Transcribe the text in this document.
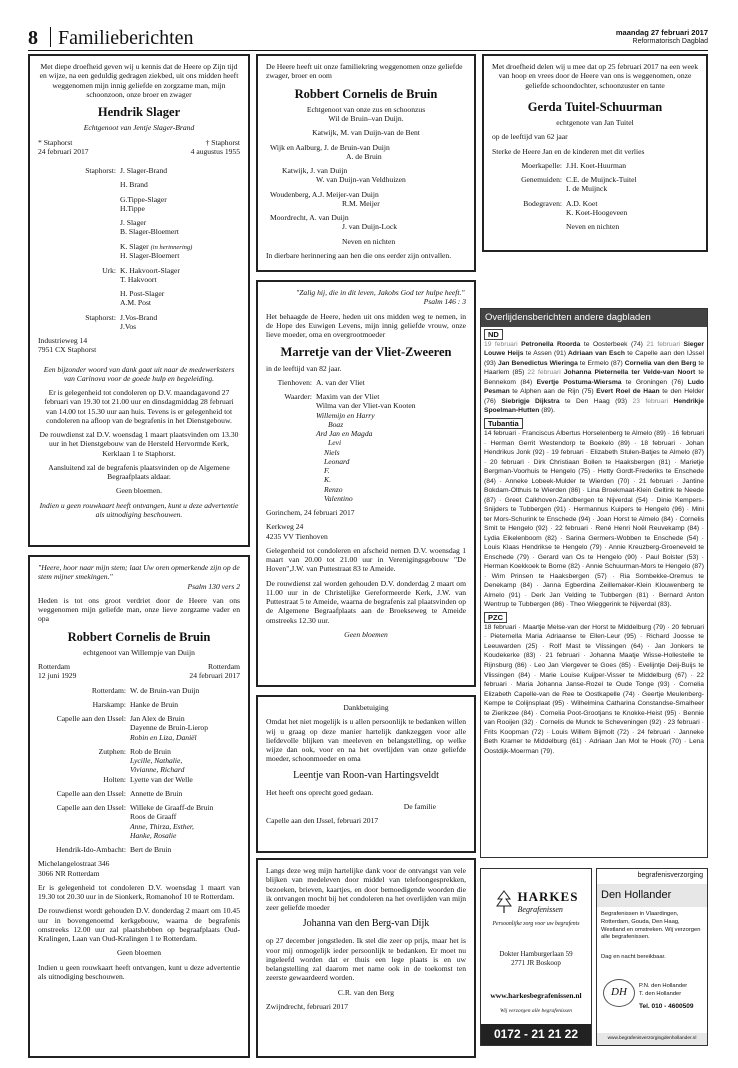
8 Familieberichten	maandag 27 februari 2017
Reformatorisch Dagblad
Met diepe droefheid geven wij u kennis dat de Heere op Zijn tijd en wijze, na een geduldig gedragen ziekbed, uit ons midden heeft weggenomen mijn innig geliefde en zorgzame man, mijn schoonzoon, onze broer en zwager
Hendrik Slager
Echtgenoot van Jentje Slager-Brand
* Staphorst
24 februari 2017
† Staphorst
4 augustus 1955
Staphorst: J. Slager-Brand
H. Brand
G.Tippe-Slager
H.Tippe
J. Slager
B. Slager-Bloemert
K. Slager (in herinnering)
H. Slager-Bloemert
Urk: K. Hakvoort-Slager
T. Hakvoort
H. Post-Slager
A.M. Post
Staphorst: J.Vos-Brand
J.Vos
Industrieweg 14
7951 CX Staphorst
Een bijzonder woord van dank gaat uit naar de medewerksters van Carinova voor de goede hulp en begeleiding.
Er is gelegenheid tot condoleren op D.V. maandagavond 27 februari van 19.30 tot 21.00 uur en dinsdagmiddag 28 februari van 14.00 tot 15.30 uur aan huis. Tevens is er gelegenheid tot condoleren na afloop van de begrafenis in het Dienstgebouw.
De rouwdienst zal D.V. woensdag 1 maart plaatsvinden om 13.30 uur in het Dienstgebouw van de Hersteld Hervormde Kerk, Kerklaan 1 te Staphorst.
Aansluitend zal de begrafenis plaatsvinden op de Algemene Begraafplaats aldaar.
Geen bloemen.
Indien u geen rouwkaart heeft ontvangen, kunt u deze advertentie als uitnodiging beschouwen.
De Heere heeft uit onze familiekring weggenomen onze geliefde zwager, broer en oom
Robbert Cornelis de Bruin
Echtgenoot van onze zus en schoonzus
Wil de Bruin–van Duijn.
Katwijk, M. van Duijn-van de Bent
Wijk en Aalburg, J. de Bruin-van Duijn
A. de Bruin
Katwijk, J. van Duijn
W. van Duijn-van Veldhuizen
Woudenberg, A.J. Meijer-van Duijn
R.M. Meijer
Moordrecht, A. van Duijn
J. van Duijn-Lock
Neven en nichten
In dierbare herinnering aan hen die ons eerder zijn ontvallen.
Met droefheid delen wij u mee dat op 25 februari 2017 na een week van hoop en vrees door de Heere van ons is weggenomen, onze geliefde schoondochter, schoonzuster en tante
Gerda Tuitel-Schuurman
echtgenote van Jan Tuitel
op de leeftijd van 62 jaar
Sterke de Heere Jan en de kinderen met dit verlies
Moerkapelle: J.H. Koet-Huurman
Genemuiden: C.E. de Muijnck-Tuitel
I. de Muijnck
Bodegraven: A.D. Koet
K. Koet-Hoogeveen
Neven en nichten
"Zalig hij, die in dit leven, Jakobs God ter hulpe heeft."
Psalm 146 : 3
Het behaagde de Heere, heden uit ons midden weg te nemen, in de Hope des Euwigen Levens, mijn innig geliefde vrouw, onze lieve moeder, oma en overgrootmoeder
Marretje van der Vliet-Zweeren
in de leeftijd van 82 jaar.
Tienhoven: A. van der Vliet
Waarder: Maxim van der Vliet
Wilma van der Vliet-van Kooten
Willemijn en Harry
Boaz
Ard Jan en Magda
Levi
Niels
Leonard
F.
K.
Renzo
Valentino
Gorinchem, 24 februari 2017
Kerkweg 24
4235 VV Tienhoven
Gelegenheid tot condoleren en afscheid nemen D.V. woensdag 1 maart van 20.00 tot 21.00 uur in Verenigingsgebouw "De Hoven",J.W. van Puttestraat 83 te Ameide.
De rouwdienst zal worden gehouden D.V. donderdag 2 maart om 11.00 uur in de Christelijke Gereformeerde Kerk, J.W. van Puttestraat 5 te Ameide, waarna de begrafenis zal plaatsvinden op de Algemene Begraafplaats aan de Broekseweg te Ameide omstreeks 12.30 uur.
Geen bloemen
Dankbetuiging
Omdat het niet mogelijk is u allen persoonlijk te bedanken willen wij u graag op deze manier hartelijk dankzeggen voor alle liefdevolle blijken van meeleven en belangstelling, op welke wijze dan ook, voor en na het overlijden van onze geliefde moeder, schoonmoeder en oma
Leentje van Roon-van Hartingsveldt
Het heeft ons oprecht goed gedaan.
De familie
Capelle aan den IJssel, februari 2017
"Heere, hoor naar mijn stem; laat Uw oren opmerkende zijn op de stem mijner smekingen."
Psalm 130 vers 2
Heden is tot ons groot verdriet door de Heere van ons weggenomen mijn geliefde man, onze lieve zorgzame vader en opa
Robbert Cornelis de Bruin
echtgenoot van Willempje van Duijn
Rotterdam
12 juni 1929
Rotterdam
24 februari 2017
Rotterdam: W. de Bruin-van Duijn
Harskamp: Hanke de Bruin
Capelle aan den IJssel: Jan Alex de Bruin
Dayenne de Bruin-Lierop
Robin en Liza, Daniël
Zutphen: Rob de Bruin
Lycille, Nathalie,
Vivianne, Richard
Holten: Lyette van der Welle
Capelle aan den IJssel: Annette de Bruin
Capelle aan den IJssel: Willeke de Graaff-de Bruin
Roos de Graaff
Anne, Thirza, Esther,
Hanke, Rosalie
Hendrik-Ido-Ambacht: Bert de Bruin
Michelangelostraat 346
3066 NR Rotterdam
Er is gelegenheid tot condoleren D.V. woensdag 1 maart van 19.30 tot 20.30 uur in de Sionkerk, Romanohof 10 te Rotterdam.
De rouwdienst wordt gehouden D.V. donderdag 2 maart om 10.45 uur in bovengenoemd kerkgebouw, waarna de begrafenis omstreeks 12.00 uur zal plaatshebben op begraafplaats Oud-Kralingen, Laan van Oud-Kralingen 1 te Rotterdam.
Geen bloemen
Indien u geen rouwkaart heeft ontvangen, kunt u deze advertentie als uitnodiging beschouwen.
Langs deze weg mijn hartelijke dank voor de ontvangst van vele blijken van medeleven door middel van telefoongesprekken, bezoeken, brieven, kaartjes, en door bemoedigende woorden die ik ontvangen mocht bij het condoleren na het overlijden van mijn zeer geliefde moeder
Johanna van den Berg-van Dijk
op 27 december jongstleden. Ik stel die zeer op prijs, maar het is voor mij onmogelijk ieder persoonlijk te bedanken. Er moet nu ingeleefd worden dat er thuis een lege plaats is en uw belangstelling zal daarom met name ook in de toekomst ten zeerste gewaardeerd worden.
C.R. van den Berg
Zwijndrecht, februari 2017
Overlijdensberichten andere dagbladen
ND
19 februari Petronella Roorda te Oosterbeek (74) 21 februari Sieger Louwe Heijs te Assen (91) Adriaan van Esch te Capelle aan den IJssel (93) Jan Benedictus Wieringa te Ermelo (87) Cornelia van den Berg te Haarlem (85) 22 februari Johanna Pieternella ter Velde-van Noort te Bennekom (84) Evertje Postuma-Wiersma te Groningen (76) Ludo Pesman te Alphen aan de Rijn (75) Evert Roel de Haan te den Helder (76) Siebrigje Dijkstra te Den Haag (93) 23 februari Hendrikje Spoelman-Hutten (89).
Tubantia
14 februari · Franciscus Albertus Horselenberg te Almelo (89) · 16 februari · Herman Gerrit Westendorp te Boekelo (89) · 18 februari · Johan Hendrikus Jonk (92) · 19 februari · Elizabeth Stulen-Batjes te Almelo (87) · 20 februari · Dirk Christiaan Bollen te Haaksbergen (81) · Marietje Bergman-Voorhuis te Hengelo (75) · Hetty Gordt-Frederiks te Enschede (84) · Anneke Lobeek-Mulder te Wierden (70) · 21 februari · Jantine Bokdam-Olthuis te Wierden (86) · Lina Broekmaat-Klein Geltink te Neede (87) · Greet Calkhoven-Zandbergen te Nijverdal (54) · Dinie Kempers-Snijders te Tubbergen (91) · Hermannus Kuipers te Hengelo (96) · Mini ter Mors-Schurink te Enschede (94) · Joan Horst te Almelo (84) · Cornelis Smit te Hengelo (92) · 22 februari · René Henri Noël Reuvekamp (84) · Lydia Eikelenboom (82) · Sarina Germers-Wobben te Enschede (54) · Louis Klaas Hendrikse te Hengelo (79) · Annie Kreuzberg-Groeneveld te Enschede (79) · Gerard van Os te Hengelo (90) · Paul Bolster (53) · Herman Koekkoek te Borne (82) · Annie Schuurman-Mors te Hengelo (87) · Wim Prinsen te Haaksbergen (57) · Ria Sombekke-Oremus te Denekamp (84) · Janna Egberdina Zeillemaker-Klein Klouwenberg te Almelo (91) · Derk Jan Velding te Tubbergen (81) · Bernard Anton Wentrup te Tubbergen (86) · Theo Wieggerink te Nijverdal (83).
PZC
18 februari · Maartje Melse-van der Horst te Middelburg (79) · 20 februari · Pieternella Maria Adriaanse te Ellen-Leur (95) · Richard Joosse te Leeuwarden (25) · Rolf Mast te Vlissingen (64) · Jan Jonkers te Koudekerke (83) · 21 februari · Johanna Maatje Wisse-Hollestelle te Rijnsburg (86) · Leo Jan Viergever te Goes (85) · Evelijntje Deij-Buijs te Vlissingen (84) · Marie Louise Kuijper-Visser te Middelburg (67) · 22 februari · Maria Johanna Janse-Rozel te Oude Tonge (93) · Cornelia Elizabeth Capelle-van de Ree te Oostkapelle (74) · Geertje Meulenberg-Kempe te Colijnsplaat (95) · Wilhelmina Catharina Constandse-Smalheer te Zierikzee (84) · Cornelia Poot-Grootjans te Knokke-Heist (95) · Bennie van Rooijen (32) · Cornelis de Munck te Scheveningen (92) · 23 februari · Frits Koopman (72) · Louis Willem Bijmolt (72) · 24 februari · Janneke Beth Kramer te Middelburg (61) · Adriaan Jan Mol te Hoek (70) · Lena Oostdijk-Moerman (79).
HARKES
Begrafenissen
Persoonlijke zorg voor uw begrafenis
Dokter Hamburgerlaan 59
2771 JR Boskoop
www.harkesbegrafenissen.nl
Wij verzorgen alle begrafenissen
0172 - 21 21 22
begrafenisverzorging
Den Hollander
Begrafenissen in Vlaardingen, Rotterdam, Gouda, Den Haag, Westland en omstreken. Wij verzorgen alle begrafenissen.
Dag en nacht bereikbaar.
DH
P.N. den Hollander
T. den Hollander
Tel. 010 - 4600509
www.begrafenisverzorgingdenhollander.nl
